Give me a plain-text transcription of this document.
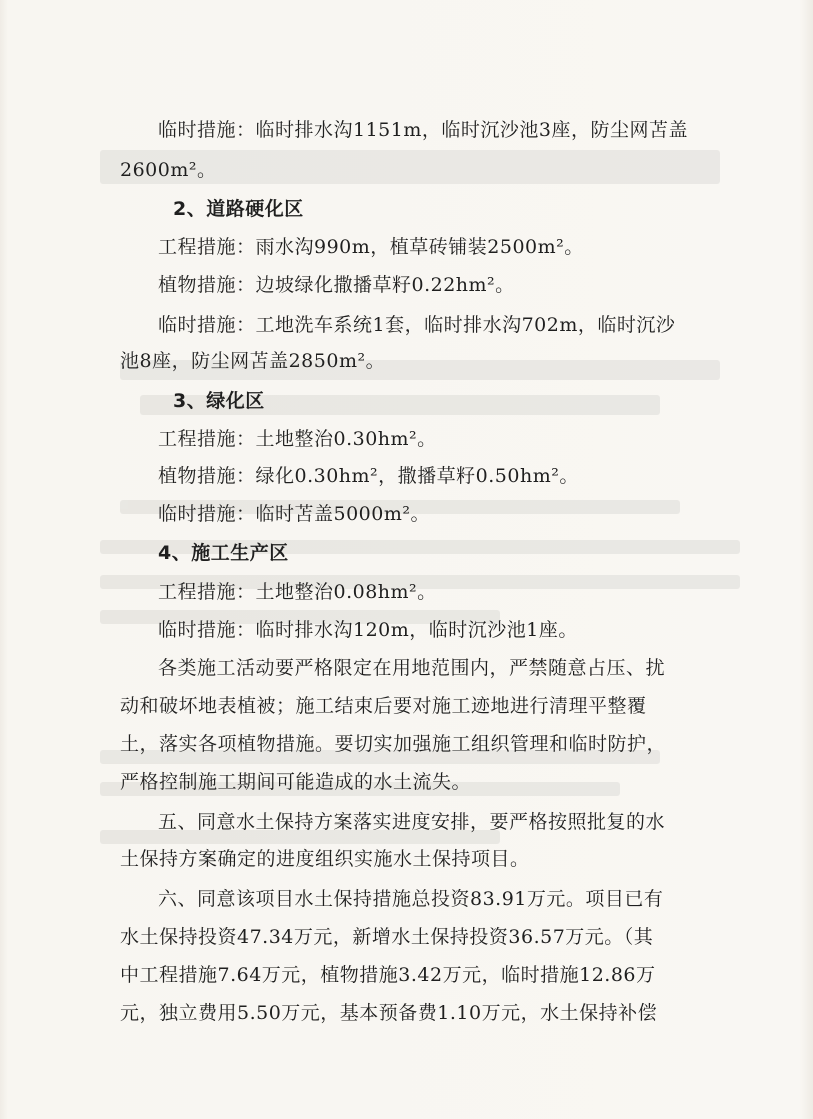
临时措施：临时排水沟1151m，临时沉沙池3座，防尘网苫盖
2600m²。
2、道路硬化区
工程措施：雨水沟990m，植草砖铺装2500m²。
植物措施：边坡绿化撒播草籽0.22hm²。
临时措施：工地洗车系统1套，临时排水沟702m，临时沉沙
池8座，防尘网苫盖2850m²。
3、绿化区
工程措施：土地整治0.30hm²。
植物措施：绿化0.30hm²，撒播草籽0.50hm²。
临时措施：临时苫盖5000m²。
4、施工生产区
工程措施：土地整治0.08hm²。
临时措施：临时排水沟120m，临时沉沙池1座。
各类施工活动要严格限定在用地范围内，严禁随意占压、扰
动和破坏地表植被；施工结束后要对施工迹地进行清理平整覆
土，落实各项植物措施。要切实加强施工组织管理和临时防护，
严格控制施工期间可能造成的水土流失。
五、同意水土保持方案落实进度安排，要严格按照批复的水
土保持方案确定的进度组织实施水土保持项目。
六、同意该项目水土保持措施总投资83.91万元。项目已有
水土保持投资47.34万元，新增水土保持投资36.57万元。（其
中工程措施7.64万元，植物措施3.42万元，临时措施12.86万
元，独立费用5.50万元，基本预备费1.10万元，水土保持补偿
